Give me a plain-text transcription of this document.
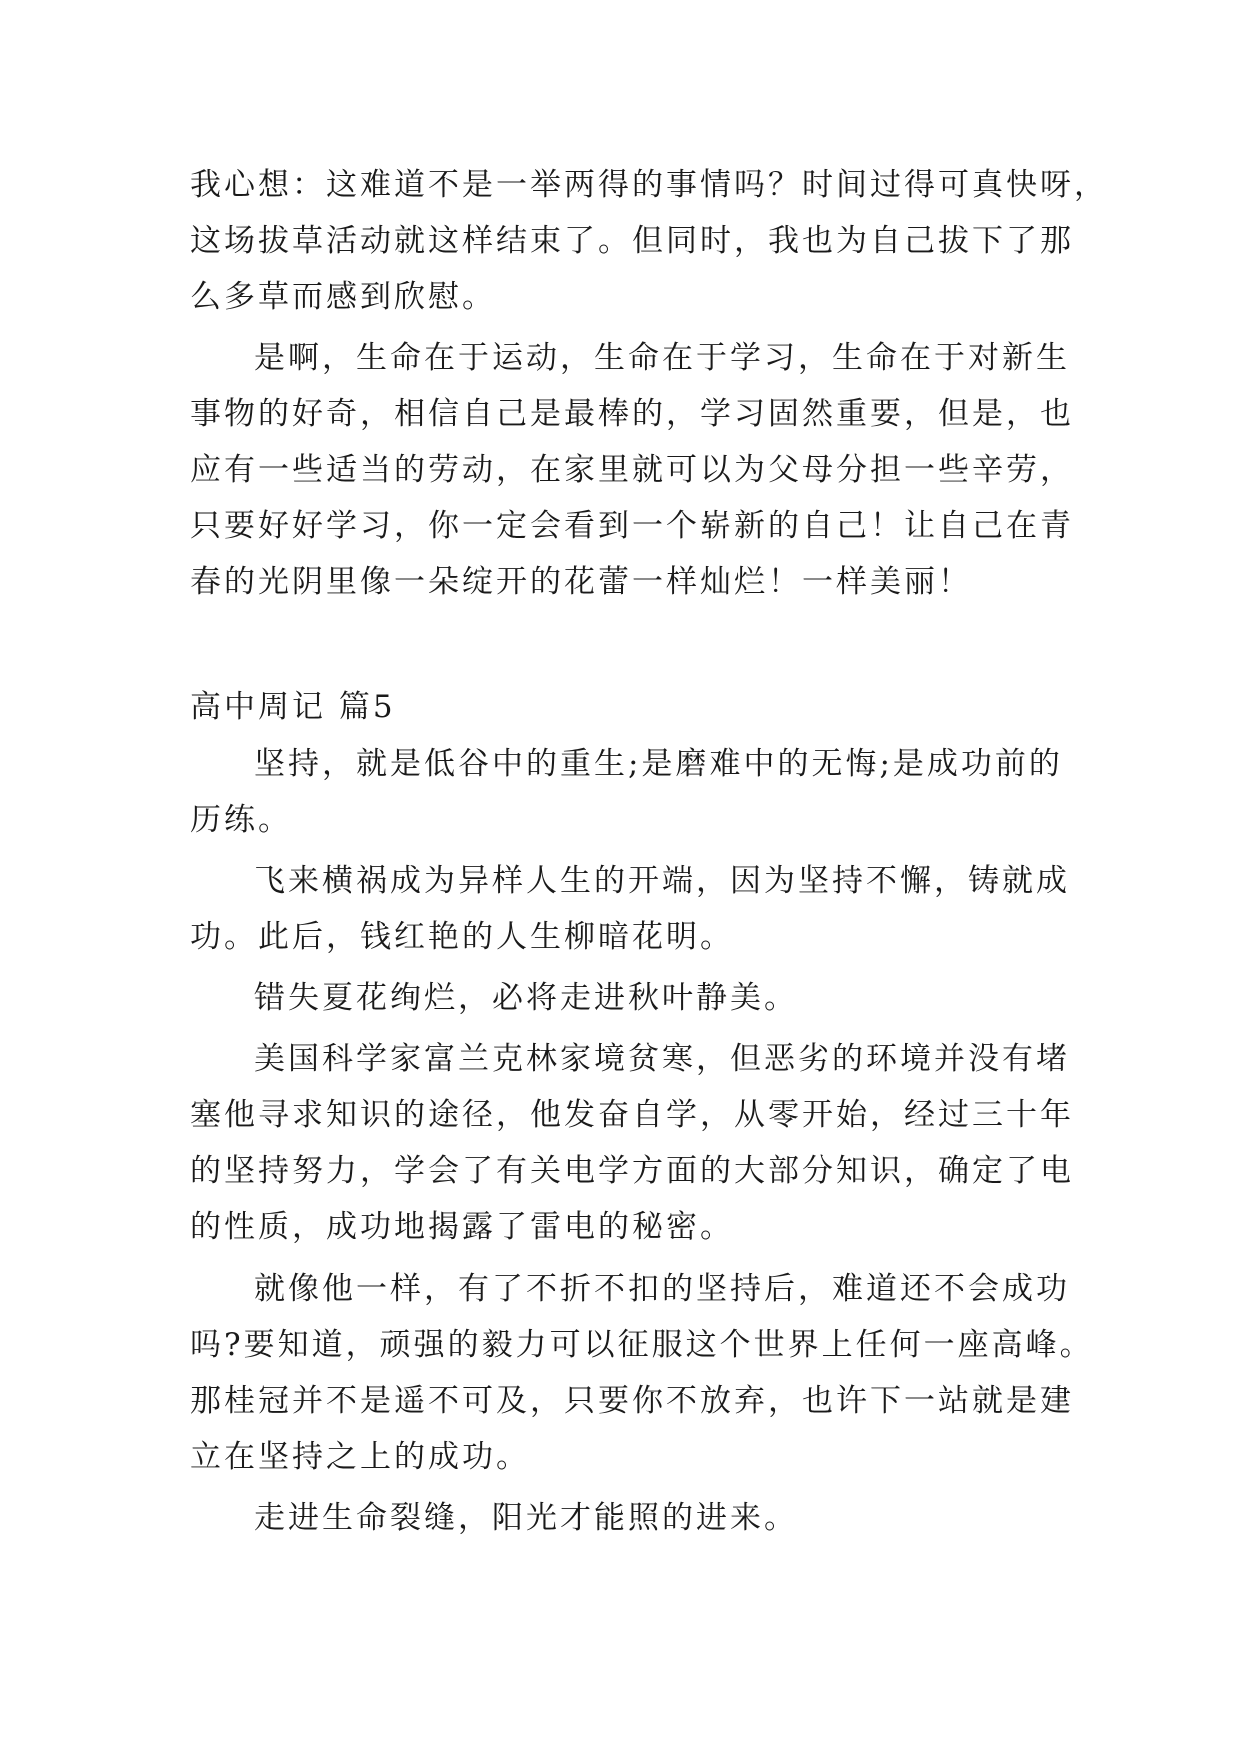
我心想：这难道不是一举两得的事情吗？时间过得可真快呀，
这场拔草活动就这样结束了。但同时，我也为自己拔下了那
么多草而感到欣慰。
是啊，生命在于运动，生命在于学习，生命在于对新生
事物的好奇，相信自己是最棒的，学习固然重要，但是，也
应有一些适当的劳动，在家里就可以为父母分担一些辛劳，
只要好好学习，你一定会看到一个崭新的自己！让自己在青
春的光阴里像一朵绽开的花蕾一样灿烂！一样美丽！
高中周记 篇5
坚持，就是低谷中的重生;是磨难中的无悔;是成功前的
历练。
飞来横祸成为异样人生的开端，因为坚持不懈，铸就成
功。此后，钱红艳的人生柳暗花明。
错失夏花绚烂，必将走进秋叶静美。
美国科学家富兰克林家境贫寒，但恶劣的环境并没有堵
塞他寻求知识的途径，他发奋自学，从零开始，经过三十年
的坚持努力，学会了有关电学方面的大部分知识，确定了电
的性质，成功地揭露了雷电的秘密。
就像他一样，有了不折不扣的坚持后，难道还不会成功
吗?要知道，顽强的毅力可以征服这个世界上任何一座高峰。
那桂冠并不是遥不可及，只要你不放弃，也许下一站就是建
立在坚持之上的成功。
走进生命裂缝，阳光才能照的进来。
